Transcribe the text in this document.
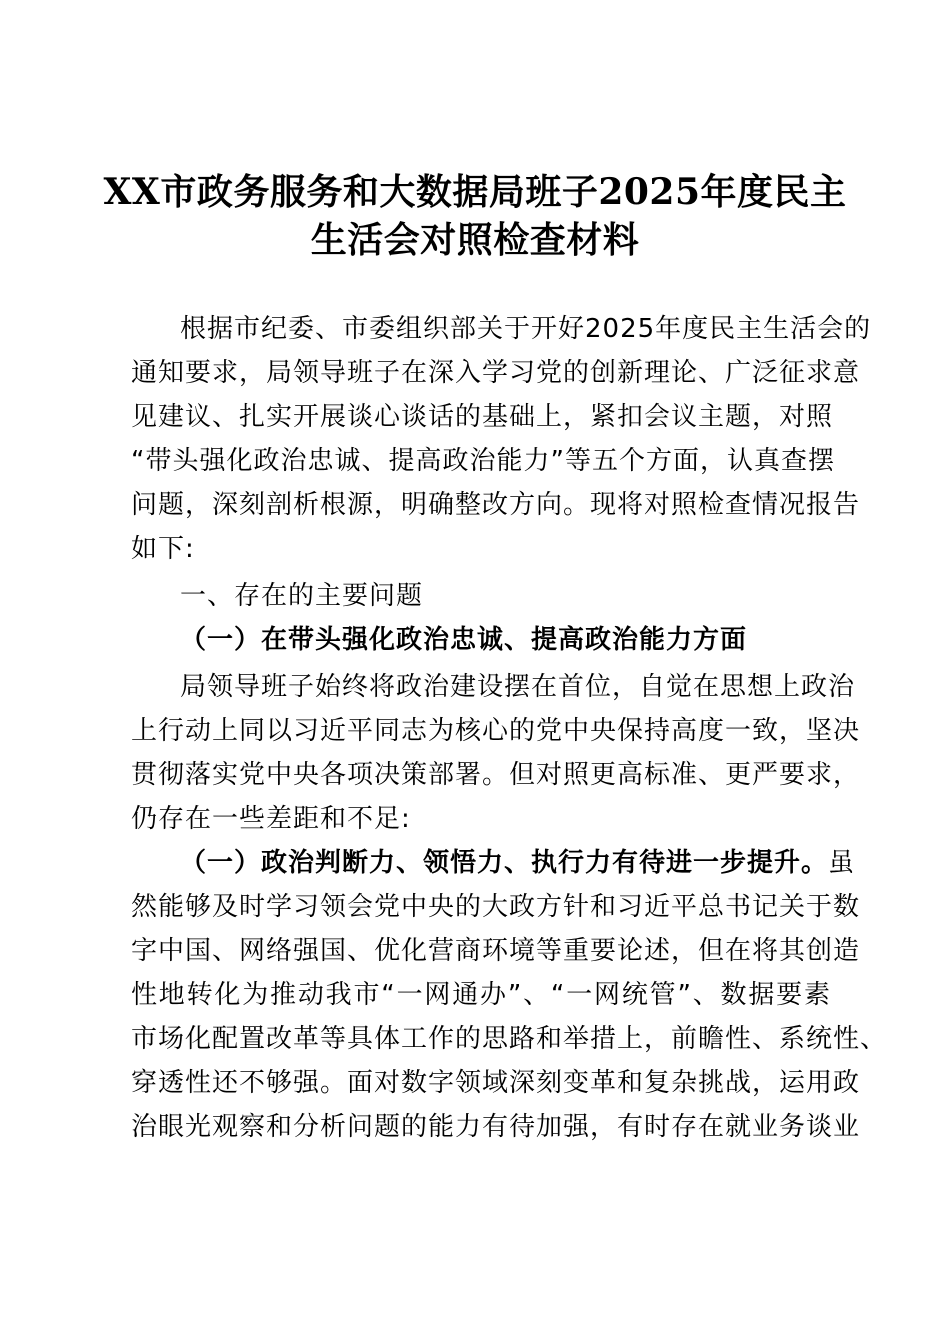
XX市政务服务和大数据局班子2025年度民主
生活会对照检查材料
根据市纪委、市委组织部关于开好2025年度民主生活会的
通知要求，局领导班子在深入学习党的创新理论、广泛征求意
见建议、扎实开展谈心谈话的基础上，紧扣会议主题，对照
“带头强化政治忠诚、提高政治能力”等五个方面，认真查摆
问题，深刻剖析根源，明确整改方向。现将对照检查情况报告
如下:
一、存在的主要问题
（一）在带头强化政治忠诚、提高政治能力方面
局领导班子始终将政治建设摆在首位，自觉在思想上政治
上行动上同以习近平同志为核心的党中央保持高度一致，坚决
贯彻落实党中央各项决策部署。但对照更高标准、更严要求，
仍存在一些差距和不足:
（一）政治判断力、领悟力、执行力有待进一步提升。 虽
然能够及时学习领会党中央的大政方针和习近平总书记关于数
字中国、网络强国、优化营商环境等重要论述，但在将其创造
性地转化为推动我市“一网通办”、“一网统管”、数据要素
市场化配置改革等具体工作的思路和举措上，前瞻性、系统性、
穿透性还不够强。面对数字领域深刻变革和复杂挑战，运用政
治眼光观察和分析问题的能力有待加强，有时存在就业务谈业
